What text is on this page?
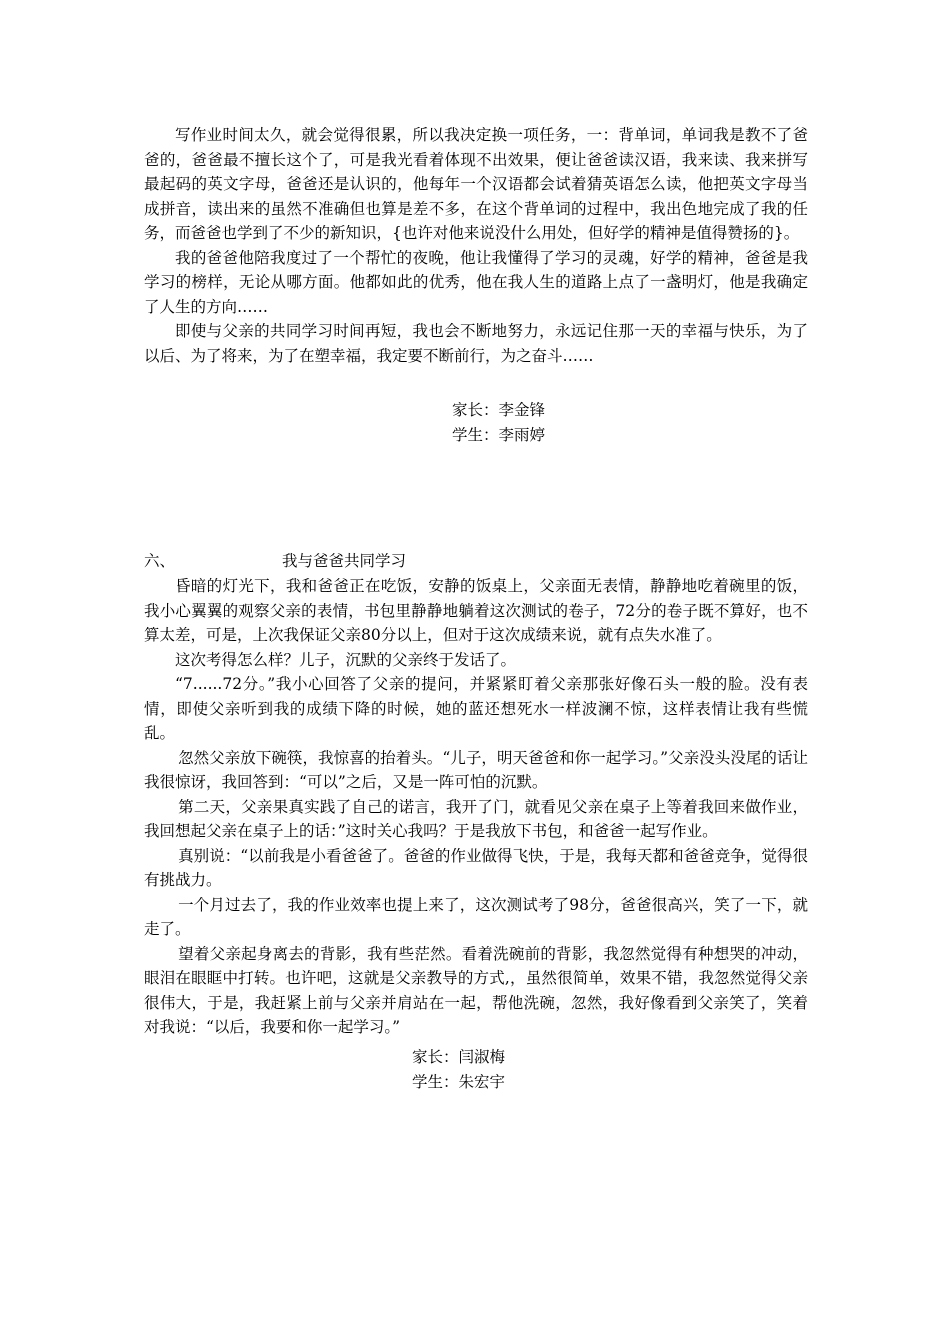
写作业时间太久，就会觉得很累，所以我决定换一项任务，一：背单词，单词我是教不了爸爸的，爸爸最不擅长这个了，可是我光看着体现不出效果，便让爸爸读汉语，我来读、我来拼写最起码的英文字母，爸爸还是认识的，他每年一个汉语都会试着猜英语怎么读，他把英文字母当成拼音，读出来的虽然不准确但也算是差不多，在这个背单词的过程中，我出色地完成了我的任务，而爸爸也学到了不少的新知识，{也许对他来说没什么用处，但好学的精神是值得赞扬的}。

我的爸爸他陪我度过了一个帮忙的夜晚，他让我懂得了学习的灵魂，好学的精神，爸爸是我学习的榜样，无论从哪方面。他都如此的优秀，他在我人生的道路上点了一盏明灯，他是我确定了人生的方向……

即使与父亲的共同学习时间再短，我也会不断地努力，永远记住那一天的幸福与快乐，为了以后、为了将来，为了在塑幸福，我定要不断前行，为之奋斗……

家长：李金锋
学生：李雨婷
六、	我与爸爸共同学习

昏暗的灯光下，我和爸爸正在吃饭，安静的饭桌上，父亲面无表情，静静地吃着碗里的饭，我小心翼翼的观察父亲的表情，书包里静静地躺着这次测试的卷子，72分的卷子既不算好，也不算太差，可是，上次我保证父亲80分以上，但对于这次成绩来说，就有点失水准了。

这次考得怎么样？儿子，沉默的父亲终于发话了。

“7......72分。”我小心回答了父亲的提问，并紧紧盯着父亲那张好像石头一般的脸。没有表情，即使父亲听到我的成绩下降的时候，她的蓝还想死水一样波澜不惊，这样表情让我有些慌乱。

忽然父亲放下碗筷，我惊喜的抬着头。“儿子，明天爸爸和你一起学习。”父亲没头没尾的话让我很惊讶，我回答到：“可以”之后，又是一阵可怕的沉默。

第二天，父亲果真实践了自己的诺言，我开了门，就看见父亲在桌子上等着我回来做作业，我回想起父亲在桌子上的话：”这时关心我吗？于是我放下书包，和爸爸一起写作业。

真别说：“以前我是小看爸爸了。爸爸的作业做得飞快，于是，我每天都和爸爸竞争，觉得很有挑战力。

一个月过去了，我的作业效率也提上来了，这次测试考了98分，爸爸很高兴，笑了一下，就走了。

望着父亲起身离去的背影，我有些茫然。看着洗碗前的背影，我忽然觉得有种想哭的冲动，眼泪在眼眶中打转。也许吧，这就是父亲教导的方式,，虽然很简单，效果不错，我忽然觉得父亲很伟大，于是，我赶紧上前与父亲并肩站在一起，帮他洗碗，忽然，我好像看到父亲笑了，笑着对我说：“以后，我要和你一起学习。”

家长：闫淑梅
学生：朱宏宇
